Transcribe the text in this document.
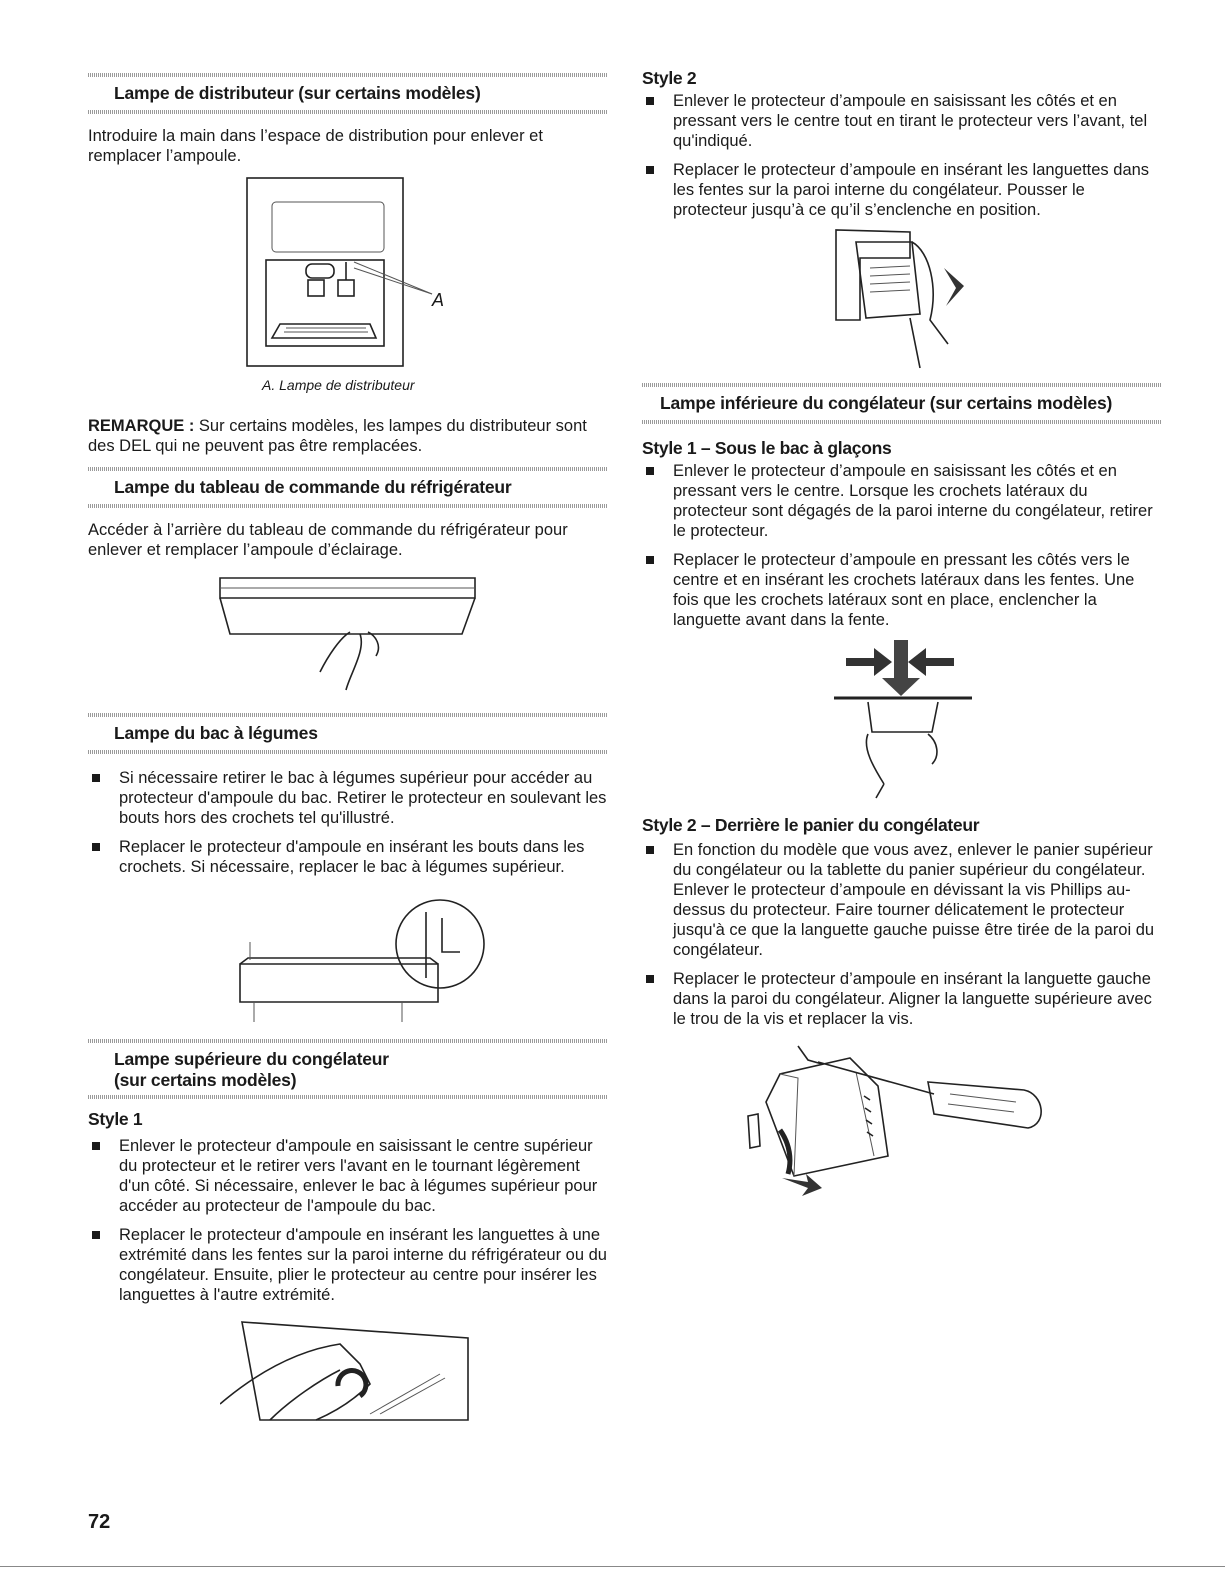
Lampe de distributeur (sur certains modèles)

Introduire la main dans l’espace de distribution pour enlever et remplacer l’ampoule.

A
A. Lampe de distributeur

REMARQUE : Sur certains modèles, les lampes du distributeur sont des DEL qui ne peuvent pas être remplacées.

Lampe du tableau de commande du réfrigérateur

Accéder à l’arrière du tableau de commande du réfrigérateur pour enlever et remplacer l’ampoule d’éclairage.

Lampe du bac à légumes
Si nécessaire retirer le bac à légumes supérieur pour accéder au protecteur d'ampoule du bac. Retirer le protecteur en soulevant les bouts hors des crochets tel qu'illustré.
Replacer le protecteur d'ampoule en insérant les bouts dans les crochets. Si nécessaire, replacer le bac à légumes supérieur.
Lampe supérieure du congélateur
(sur certains modèles)

Style 1

Enlever le protecteur d'ampoule en saisissant le centre supérieur du protecteur et le retirer vers l'avant en le tournant légèrement d'un côté. Si nécessaire, enlever le bac à légumes supérieur pour accéder au protecteur de l'ampoule du bac.
Replacer le protecteur d'ampoule en insérant les languettes à une extrémité dans les fentes sur la paroi interne du réfrigérateur ou du congélateur. Ensuite, plier le protecteur au centre pour insérer les languettes à l'autre extrémité.
72

Style 2

Enlever le protecteur d’ampoule en saisissant les côtés et en pressant vers le centre tout en tirant le protecteur vers l’avant, tel qu'indiqué.
Replacer le protecteur d’ampoule en insérant les languettes dans les fentes sur la paroi interne du congélateur. Pousser le protecteur jusqu’à ce qu’il s’enclenche en position.
Lampe inférieure du congélateur (sur certains modèles)

Style 1 – Sous le bac à glaçons

Enlever le protecteur d’ampoule en saisissant les côtés et en pressant vers le centre. Lorsque les crochets latéraux du protecteur sont dégagés de la paroi interne du congélateur, retirer le protecteur.
Replacer le protecteur d’ampoule en pressant les côtés vers le centre et en insérant les crochets latéraux dans les fentes. Une fois que les crochets latéraux sont en place, enclencher la languette avant dans la fente.

Style 2 – Derrière le panier du congélateur

En fonction du modèle que vous avez, enlever le panier supérieur du congélateur ou la tablette du panier supérieur du congélateur. Enlever le protecteur d’ampoule en dévissant la vis Phillips au-dessus du protecteur. Faire tourner délicatement le protecteur jusqu'à ce que la languette gauche puisse être tirée de la paroi du congélateur.
Replacer le protecteur d’ampoule en insérant la languette gauche dans la paroi du congélateur. Aligner la languette supérieure avec le trou de la vis et replacer la vis.
